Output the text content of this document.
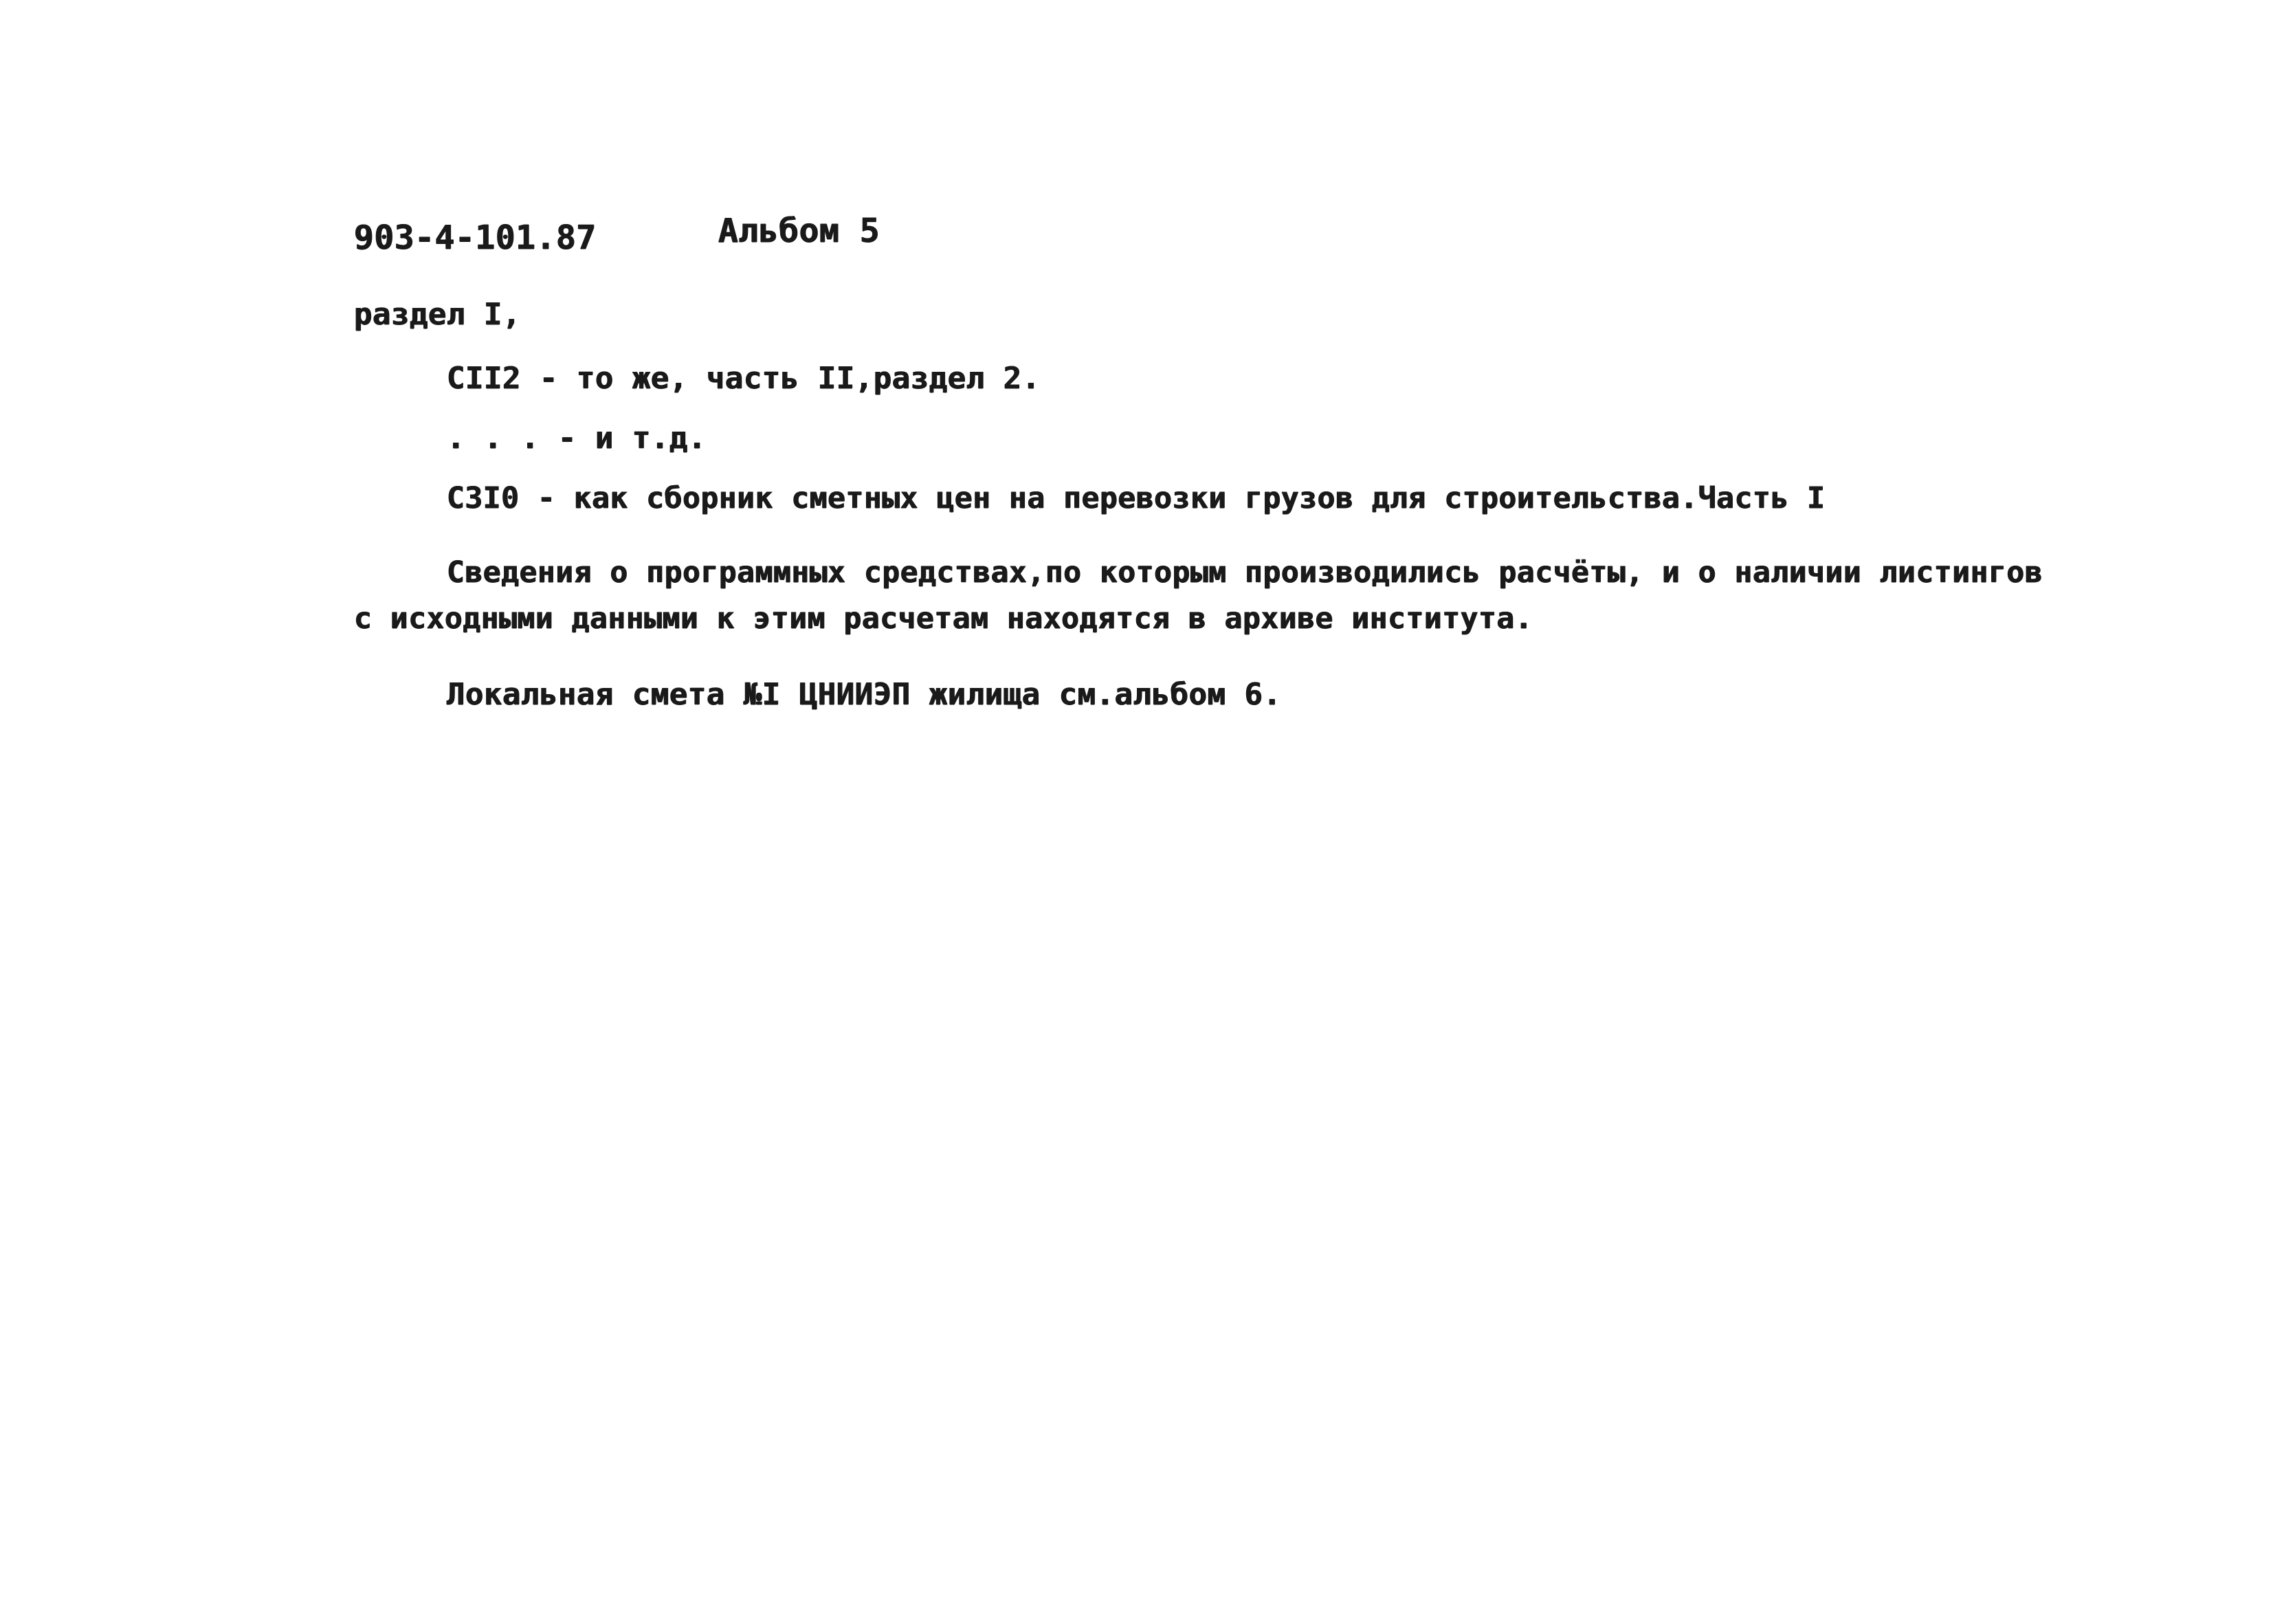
903-4-101.87	Альбом 5
раздел I,
СII2 - то же, часть II,раздел 2.
. . . - и т.д.
С3I0 - как сборник сметных цен на перевозки грузов для строительства.Часть I
Сведения о программных средствах,по которым производились расчёты, и о наличии листингов
с исходными данными к этим расчетам находятся в архиве института.
Локальная смета №I ЦНИИЭП жилища см.альбом 6.
